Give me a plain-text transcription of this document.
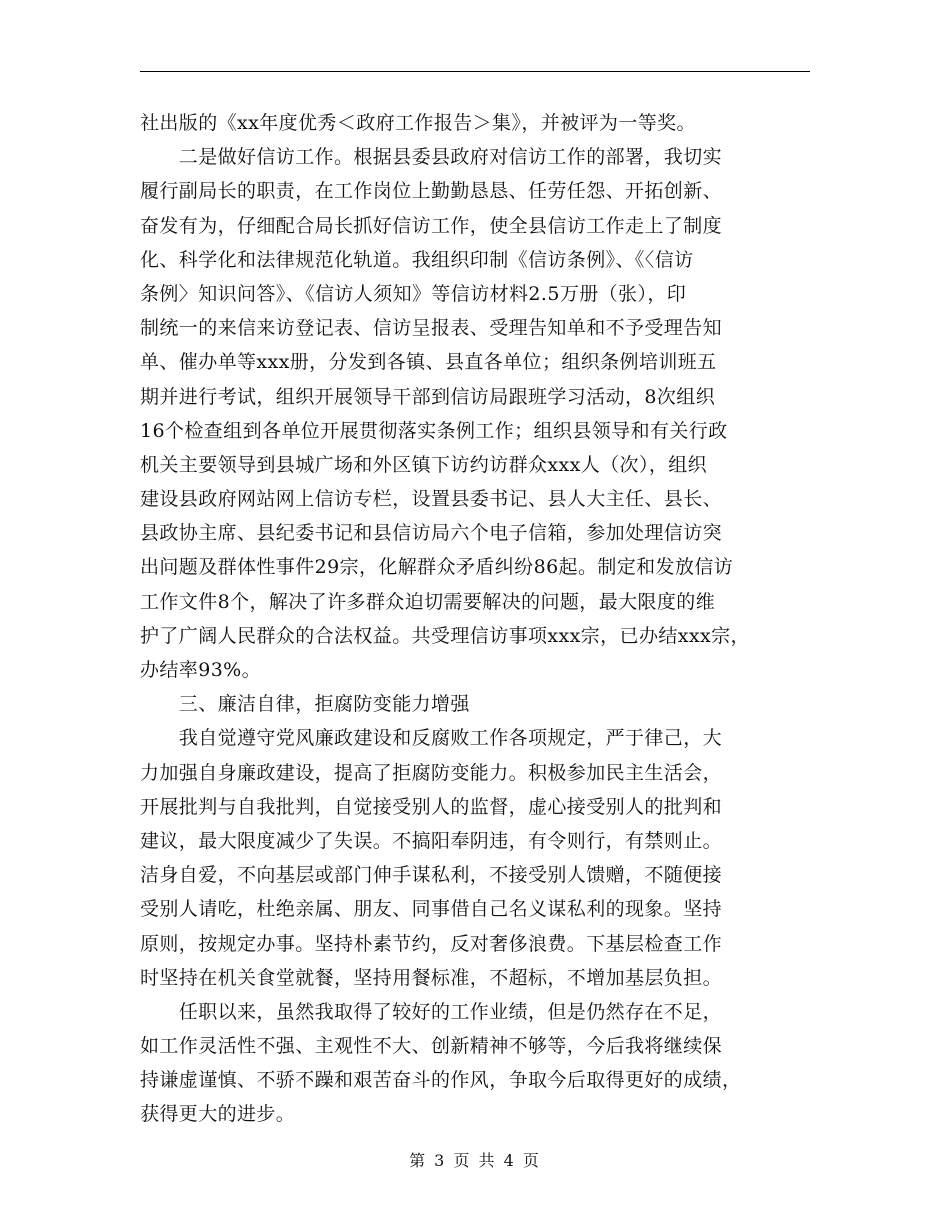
社出版的《xx年度优秀＜政府工作报告＞集》，并被评为一等奖。
　　二是做好信访工作。根据县委县政府对信访工作的部署，我切实
履行副局长的职责，在工作岗位上勤勤恳恳、任劳任怨、开拓创新、
奋发有为，仔细配合局长抓好信访工作，使全县信访工作走上了制度
化、科学化和法律规范化轨道。我组织印制《信访条例》、《〈信访
条例〉知识问答》、《信访人须知》等信访材料2.5万册（张），印
制统一的来信来访登记表、信访呈报表、受理告知单和不予受理告知
单、催办单等xxx册，分发到各镇、县直各单位；组织条例培训班五
期并进行考试，组织开展领导干部到信访局跟班学习活动，8次组织
16个检查组到各单位开展贯彻落实条例工作；组织县领导和有关行政
机关主要领导到县城广场和外区镇下访约访群众xxx人（次），组织
建设县政府网站网上信访专栏，设置县委书记、县人大主任、县长、
县政协主席、县纪委书记和县信访局六个电子信箱，参加处理信访突
出问题及群体性事件29宗，化解群众矛盾纠纷86起。制定和发放信访
工作文件8个，解决了许多群众迫切需要解决的问题，最大限度的维
护了广阔人民群众的合法权益。共受理信访事项xxx宗，已办结xxx宗，
办结率93%。
　　三、廉洁自律，拒腐防变能力增强
　　我自觉遵守党风廉政建设和反腐败工作各项规定，严于律己，大
力加强自身廉政建设，提高了拒腐防变能力。积极参加民主生活会，
开展批判与自我批判，自觉接受别人的监督，虚心接受别人的批判和
建议，最大限度减少了失误。不搞阳奉阴违，有令则行，有禁则止。
洁身自爱，不向基层或部门伸手谋私利，不接受别人馈赠，不随便接
受别人请吃，杜绝亲属、朋友、同事借自己名义谋私利的现象。坚持
原则，按规定办事。坚持朴素节约，反对奢侈浪费。下基层检查工作
时坚持在机关食堂就餐，坚持用餐标准，不超标，不增加基层负担。
　　任职以来，虽然我取得了较好的工作业绩，但是仍然存在不足，
如工作灵活性不强、主观性不大、创新精神不够等，今后我将继续保
持谦虚谨慎、不骄不躁和艰苦奋斗的作风，争取今后取得更好的成绩，
获得更大的进步。
第 3 页 共 4 页
